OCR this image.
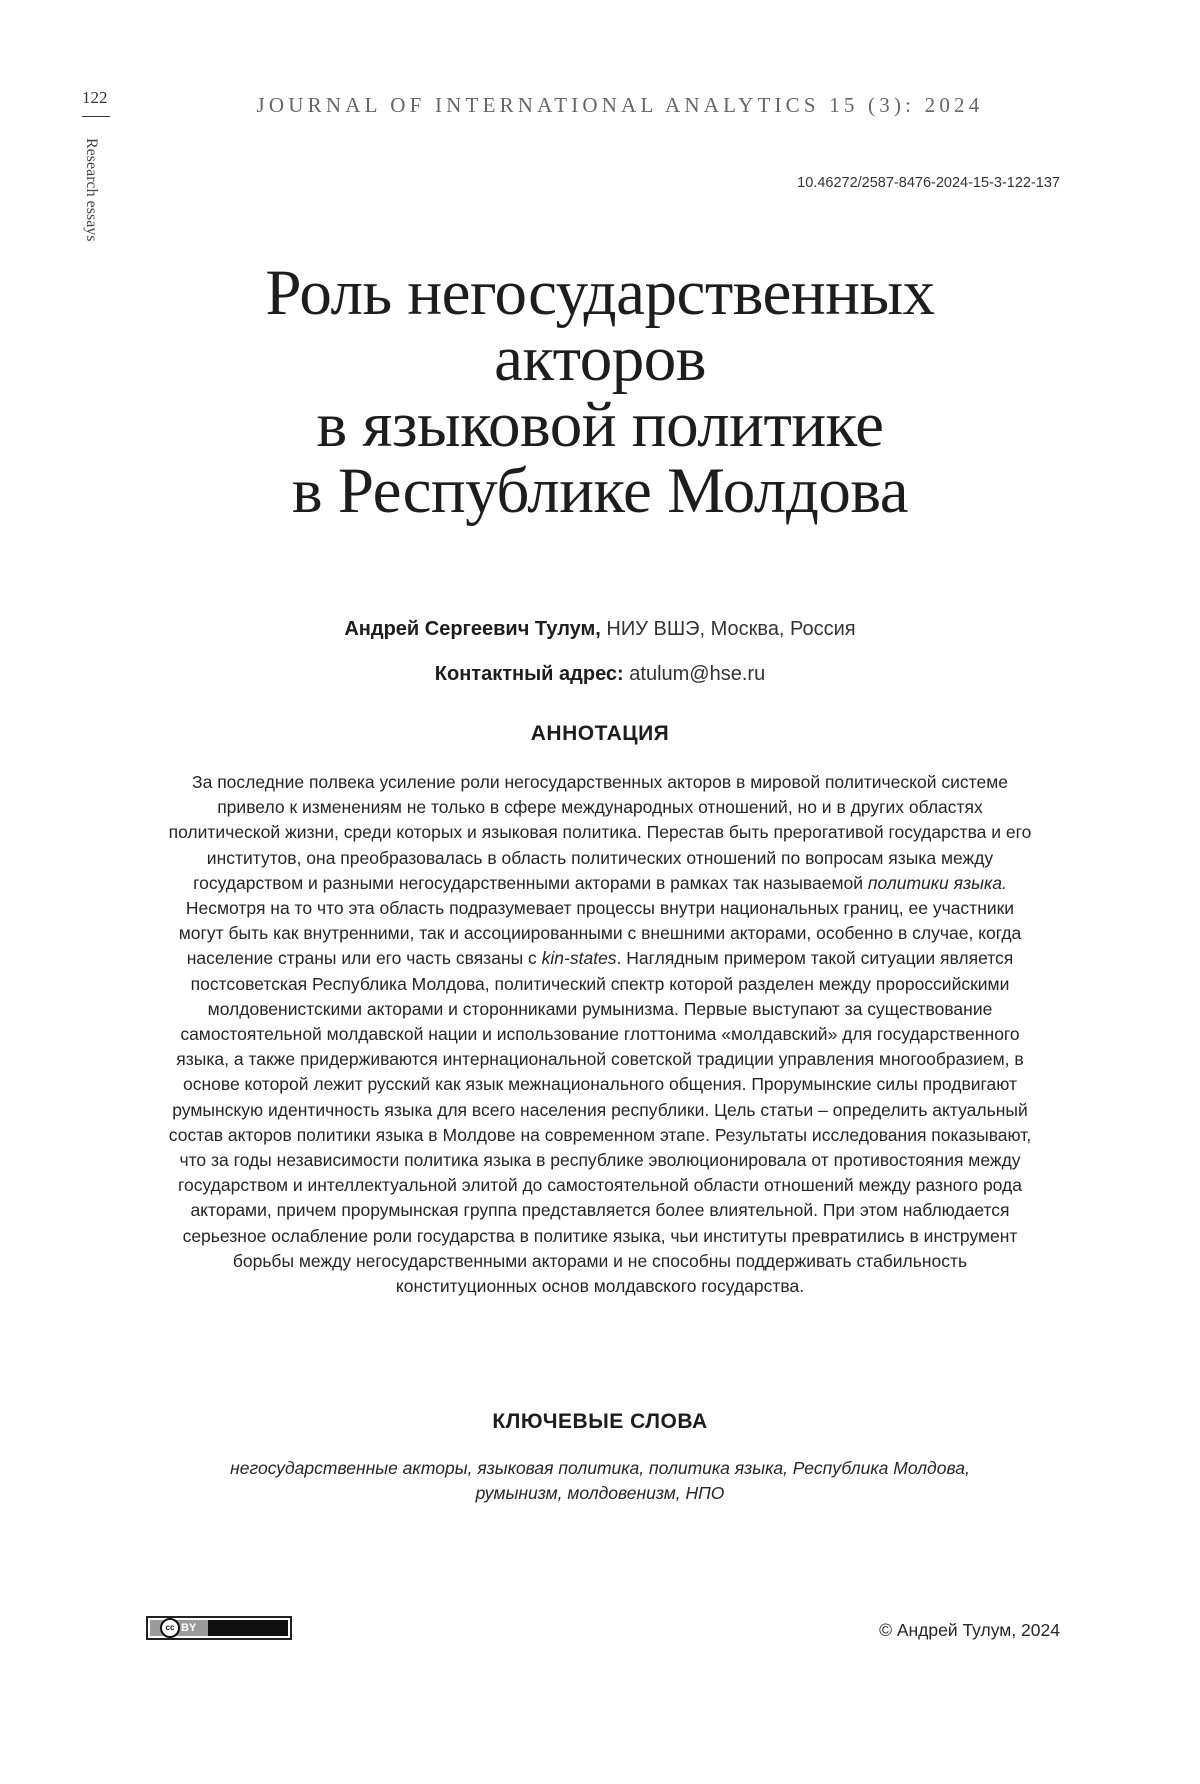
122
Research essays
JOURNAL OF INTERNATIONAL ANALYTICS 15 (3): 2024
10.46272/2587-8476-2024-15-3-122-137
Роль негосударственных
акторов
в языковой политике
в Республике Молдова
Андрей Сергеевич Тулум, НИУ ВШЭ, Москва, Россия
Контактный адрес: atulum@hse.ru
АННОТАЦИЯ
За последние полвека усиление роли негосударственных акторов в мировой политической системе привело к изменениям не только в сфере международных отношений, но и в других областях политической жизни, среди которых и языковая политика. Перестав быть прерогативой государства и его институтов, она преобразовалась в область политических отношений по вопросам языка между государством и разными негосударственными акторами в рамках так называемой политики языка. Несмотря на то что эта область подразумевает процессы внутри национальных границ, ее участники могут быть как внутренними, так и ассоциированными с внешними акторами, особенно в случае, когда население страны или его часть связаны с kin-states. Наглядным примером такой ситуации является постсоветская Республика Молдова, политический спектр которой разделен между пророссийскими молдовенистскими акторами и сторонниками румынизма. Первые выступают за существование самостоятельной молдавской нации и использование глоттонима «молдавский» для государственного языка, а также придерживаются интернациональной советской традиции управления многообразием, в основе которой лежит русский как язык межнационального общения. Прорумынские силы продвигают румынскую идентичность языка для всего населения республики. Цель статьи – определить актуальный состав акторов политики языка в Молдове на современном этапе. Результаты исследования показывают, что за годы независимости политика языка в республике эволюционировала от противостояния между государством и интеллектуальной элитой до самостоятельной области отношений между разного рода акторами, причем прорумынская группа представляется более влиятельной. При этом наблюдается серьезное ослабление роли государства в политике языка, чьи институты превратились в инструмент борьбы между негосударственными акторами и не способны поддерживать стабильность конституционных основ молдавского государства.
КЛЮЧЕВЫЕ СЛОВА
негосударственные акторы, языковая политика, политика языка, Республика Молдова,
румынизм, молдовенизм, НПО
cc BY	© Андрей Тулум, 2024
